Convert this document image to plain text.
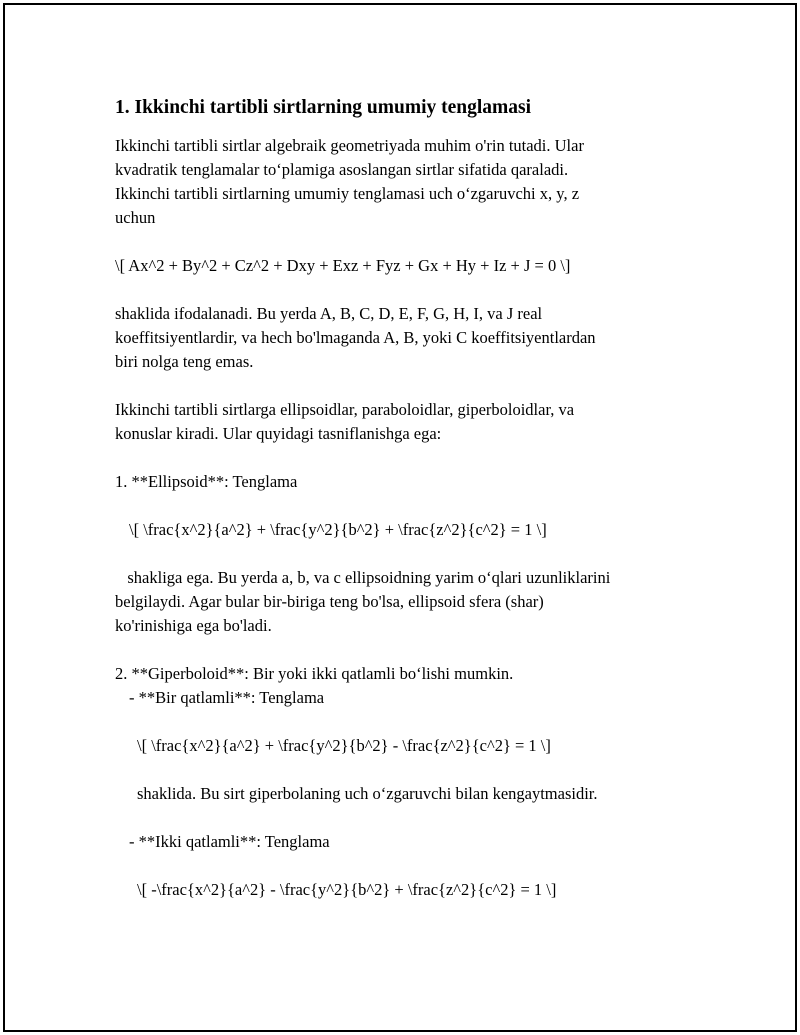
1. Ikkinchi tartibli sirtlarning umumiy tenglamasi
Ikkinchi tartibli sirtlar algebraik geometriyada muhim o'rin tutadi. Ular
kvadratik tenglamalar to‘plamiga asoslangan sirtlar sifatida qaraladi.
Ikkinchi tartibli sirtlarning umumiy tenglamasi uch o‘zgaruvchi x, y, z
uchun
\[ Ax^2 + By^2 + Cz^2 + Dxy + Exz + Fyz + Gx + Hy + Iz + J = 0 \]
shaklida ifodalanadi. Bu yerda A, B, C, D, E, F, G, H, I, va J real
koeffitsiyentlardir, va hech bo'lmaganda A, B, yoki C koeffitsiyentlardan
biri nolga teng emas.
Ikkinchi tartibli sirtlarga ellipsoidlar, paraboloidlar, giperboloidlar, va
konuslar kiradi. Ular quyidagi tasniflanishga ega:
1. **Ellipsoid**: Tenglama
\[ \frac{x^2}{a^2} + \frac{y^2}{b^2} + \frac{z^2}{c^2} = 1 \]
shakliga ega. Bu yerda a, b, va c ellipsoidning yarim o‘qlari uzunliklarini
belgilaydi. Agar bular bir-biriga teng bo'lsa, ellipsoid sfera (shar)
ko'rinishiga ega bo'ladi.
2. **Giperboloid**: Bir yoki ikki qatlamli bo‘lishi mumkin.
- **Bir qatlamli**: Tenglama
\[ \frac{x^2}{a^2} + \frac{y^2}{b^2} - \frac{z^2}{c^2} = 1 \]
shaklida. Bu sirt giperbolaning uch o‘zgaruvchi bilan kengaytmasidir.
- **Ikki qatlamli**: Tenglama
\[ -\frac{x^2}{a^2} - \frac{y^2}{b^2} + \frac{z^2}{c^2} = 1 \]
